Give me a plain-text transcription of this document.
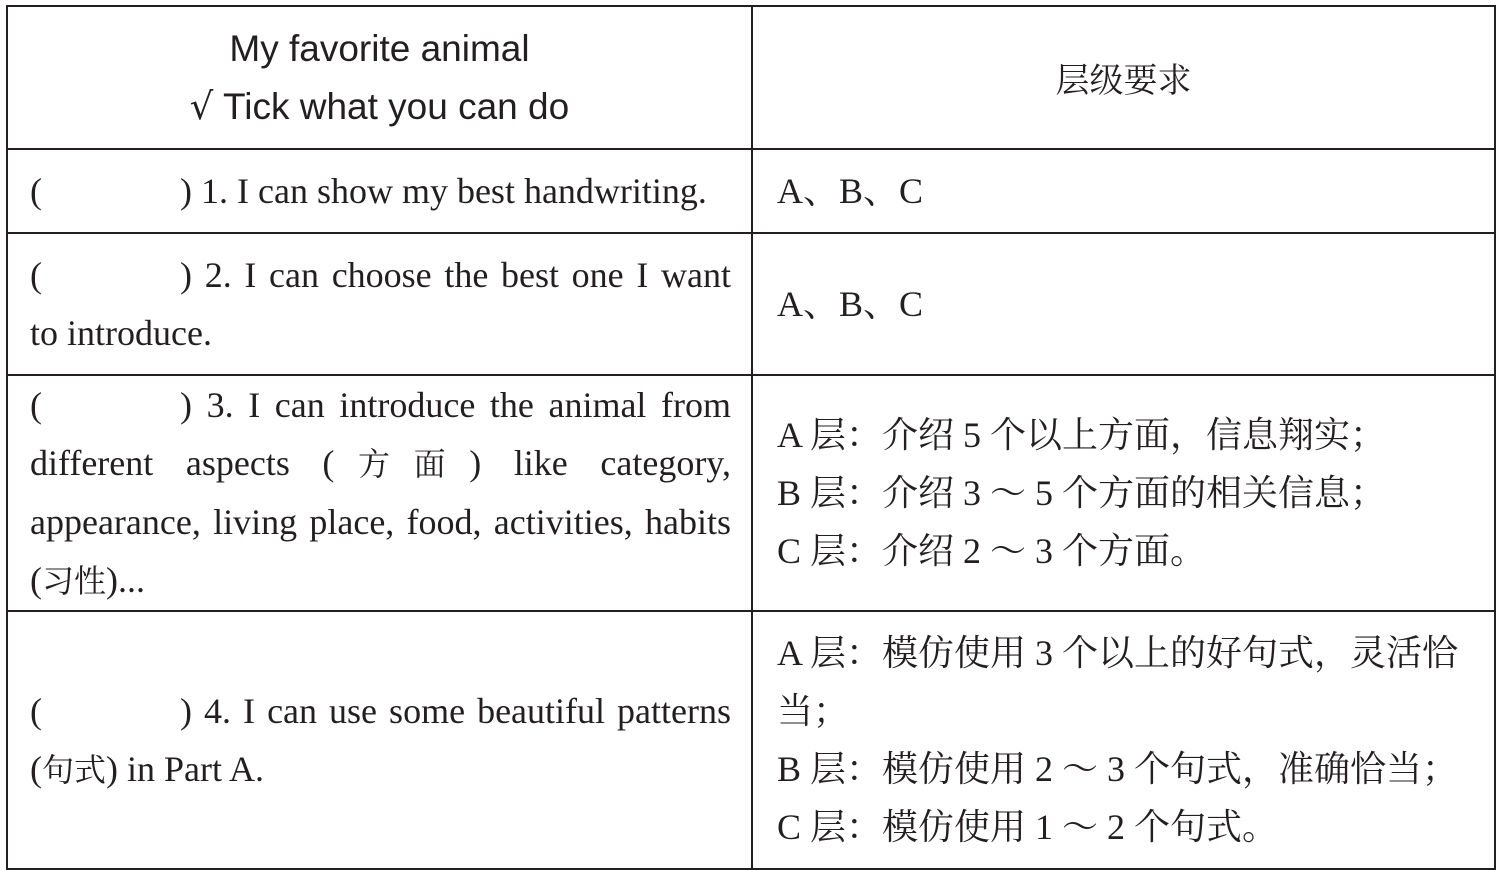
My favorite animal
√ Tick what you can do	层级要求
( ) 1. I can show my best handwriting.	A、B、C

( ) 2. I can choose the best one I want to introduce.	A、B、C

( ) 3. I can introduce the animal from different aspects (方面) like category, appearance, living place, food, activities, habits (习性)...	A 层：介绍 5 个以上方面，信息翔实；
B 层：介绍 3 ～ 5 个方面的相关信息；
C 层：介绍 2 ～ 3 个方面。

( ) 4. I can use some beautiful patterns (句式) in Part A.	A 层：模仿使用 3 个以上的好句式，灵活恰当；
B 层：模仿使用 2 ～ 3 个句式，准确恰当；
C 层：模仿使用 1 ～ 2 个句式。
